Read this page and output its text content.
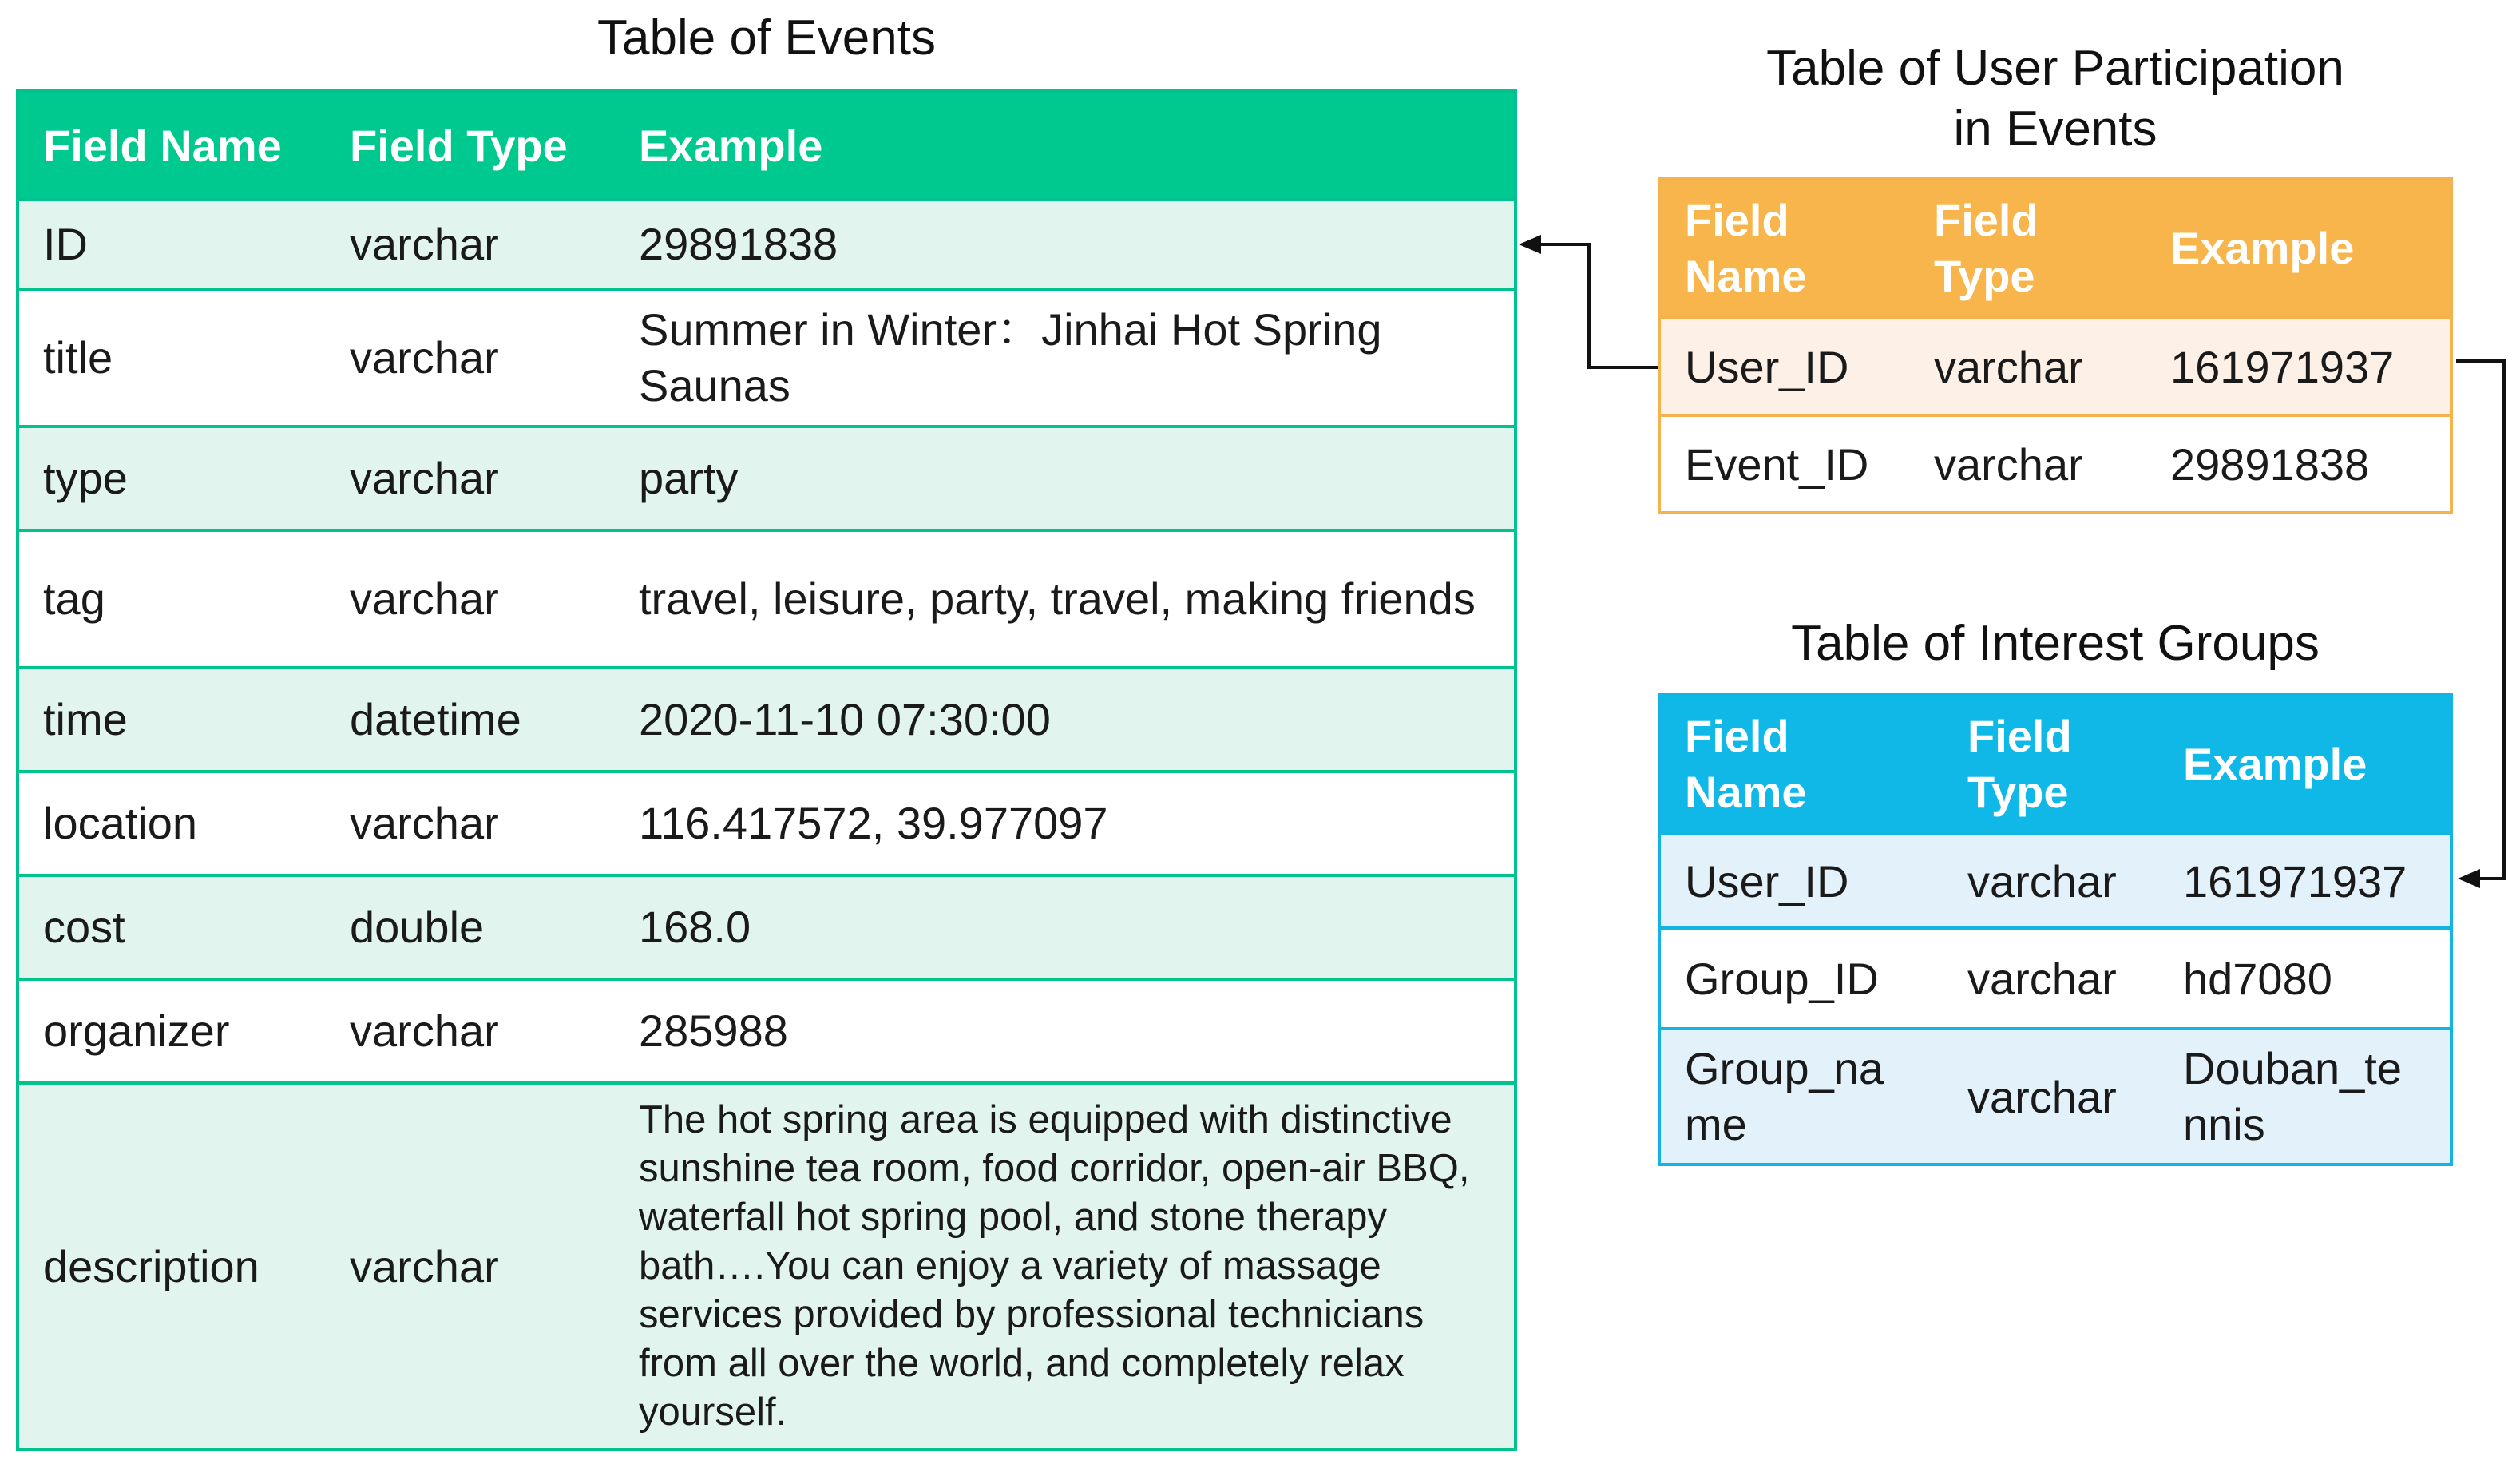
Table of Events
Table of User Participation
in Events
Table of Interest Groups
Field Name	Field Type	Example
ID	varchar	29891838
title	varchar	Summer in Winter：Jinhai Hot Spring Saunas
type	varchar	party
tag	varchar	travel, leisure, party, travel, making friends
time	datetime	2020-11-10 07:30:00
location	varchar	116.417572, 39.977097
cost	double	168.0
organizer	varchar	285988
description	varchar	The hot spring area is equipped with distinctive sunshine tea room, food corridor, open-air BBQ, waterfall hot spring pool, and stone therapy bath….You can enjoy a variety of massage services provided by professional technicians from all over the world, and completely relax yourself.
Field Name	Field Type	Example
User_ID	varchar	161971937
Event_ID	varchar	29891838
Field Name	Field Type	Example
User_ID	varchar	161971937
Group_ID	varchar	hd7080
Group_name	varchar	Douban_tennis
